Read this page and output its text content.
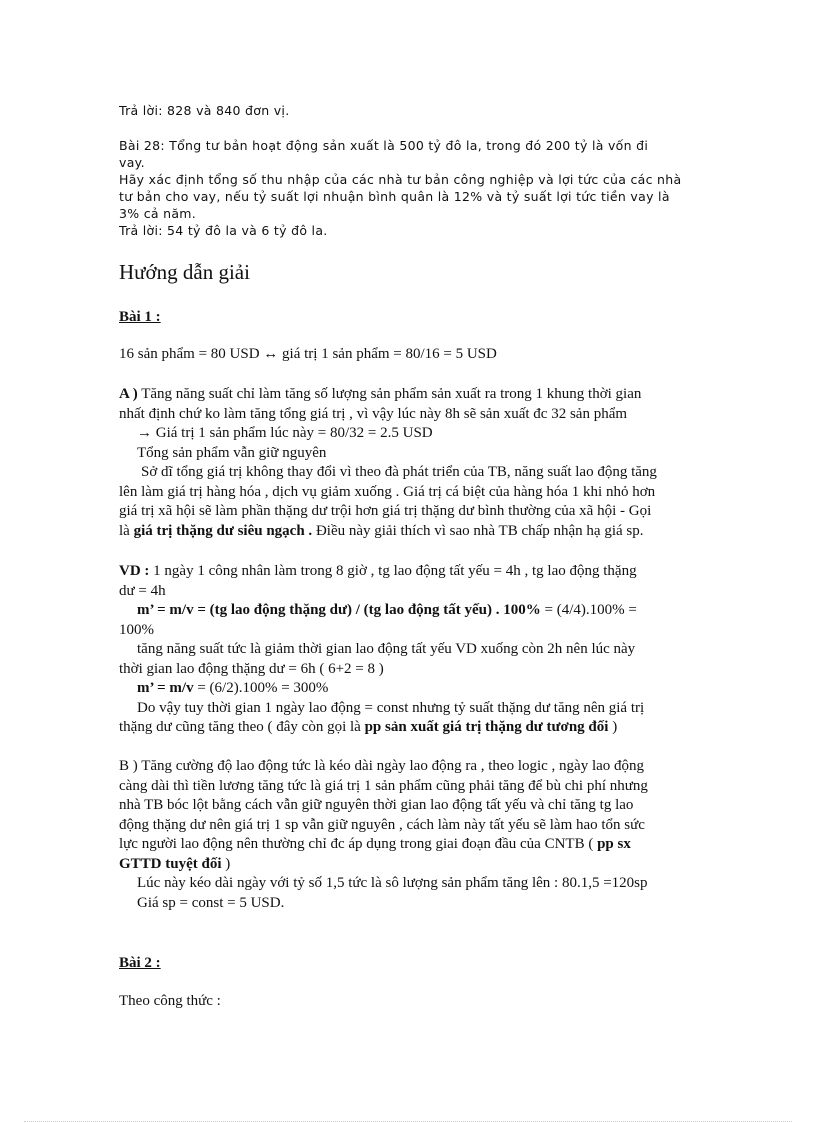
Trả lời: 828 và 840 đơn vị.

Bài 28: Tổng tư bản hoạt động sản xuất là 500 tỷ đô la, trong đó 200 tỷ là vốn đi
vay.
Hãy xác định tổng số thu nhập của các nhà tư bản công nghiệp và lợi tức của các nhà
tư bản cho vay, nếu tỷ suất lợi nhuận bình quân là 12% và tỷ suất lợi tức tiền vay là
3% cả năm.
Trả lời: 54 tỷ đô la và 6 tỷ đô la.
Hướng dẫn giải
Bài 1 :

16 sản phẩm = 80 USD ↔ giá trị 1 sản phẩm = 80/16 = 5 USD

A ) Tăng năng suất chỉ làm tăng số lượng sản phẩm sản xuất ra trong 1 khung thời gian
nhất định chứ ko làm tăng tổng giá trị , vì vậy lúc này 8h sẽ sản xuất đc 32 sản phẩm
→ Giá trị 1 sản phẩm lúc này = 80/32 = 2.5 USD
Tổng sản phẩm vẫn giữ nguyên
Sở dĩ tổng giá trị không thay đổi vì theo đà phát triển của TB, năng suất lao động tăng
lên làm giá trị hàng hóa , dịch vụ giảm xuống . Giá trị cá biệt của hàng hóa 1 khi nhỏ hơn
giá trị xã hội sẽ làm phần thặng dư trội hơn giá trị thặng dư bình thường của xã hội - Gọi
là giá trị thặng dư siêu ngạch . Điều này giải thích vì sao nhà TB chấp nhận hạ giá sp.
VD : 1 ngày 1 công nhân làm trong 8 giờ , tg lao động tất yếu = 4h , tg lao động thặng
dư = 4h
m’ = m/v = (tg lao động thặng dư) / (tg lao động tất yếu) . 100% = (4/4).100% =
100%
tăng năng suất tức là giảm thời gian lao động tất yếu VD xuống còn 2h nên lúc này
thời gian lao động thặng dư = 6h ( 6+2 = 8 )
m’ = m/v = (6/2).100% = 300%
Do vậy tuy thời gian 1 ngày lao động = const nhưng tỷ suất thặng dư tăng nên giá trị
thặng dư cũng tăng theo ( đây còn gọi là pp sản xuất giá trị thặng dư tương đối )
B ) Tăng cường độ lao động tức là kéo dài ngày lao động ra , theo logic , ngày lao động
càng dài thì tiền lương tăng tức là giá trị 1 sản phẩm cũng phải tăng để bù chi phí nhưng
nhà TB bóc lột bằng cách vẫn giữ nguyên thời gian lao động tất yếu và chỉ tăng tg lao
động thặng dư nên giá trị 1 sp vẫn giữ nguyên , cách làm này tất yếu sẽ làm hao tổn sức
lực người lao động nên thường chỉ đc áp dụng trong giai đoạn đầu của CNTB ( pp sx
GTTD tuyệt đối )
Lúc này kéo dài ngày với tỷ số 1,5 tức là sô lượng sản phẩm tăng lên : 80.1,5 =120sp
Giá sp = const = 5 USD.
Bài 2 :

Theo công thức :
